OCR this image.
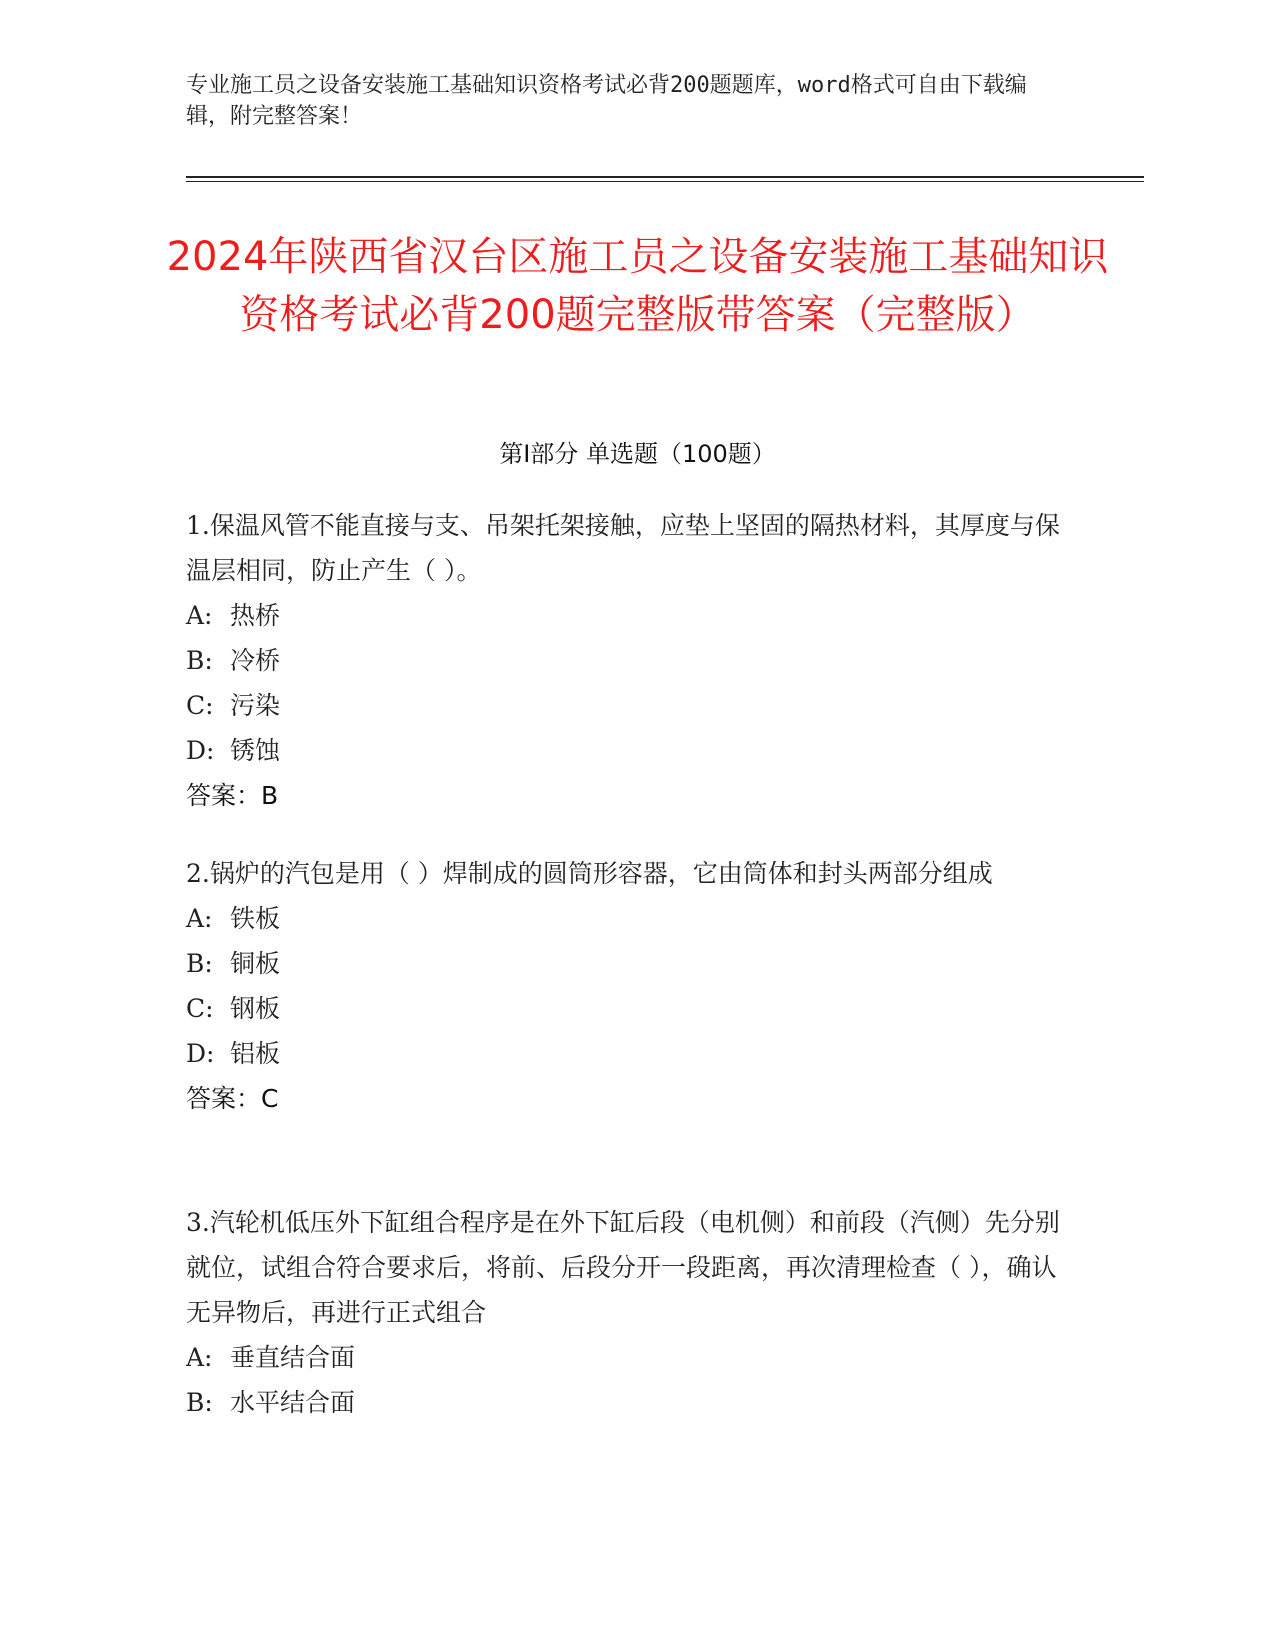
专业施工员之设备安装施工基础知识资格考试必背200题题库，word格式可自由下载编辑，附完整答案！
2024年陕西省汉台区施工员之设备安装施工基础知识资格考试必背200题完整版带答案（完整版）
第I部分 单选题（100题）

1.保温风管不能直接与支、吊架托架接触，应垫上坚固的隔热材料，其厚度与保温层相同，防止产生（ ）。

A: 热桥

B: 冷桥

C: 污染

D: 锈蚀

答案：B

2.锅炉的汽包是用（ ）焊制成的圆筒形容器，它由筒体和封头两部分组成

A: 铁板

B: 铜板

C: 钢板

D: 铝板

答案：C

3.汽轮机低压外下缸组合程序是在外下缸后段（电机侧）和前段（汽侧）先分别就位，试组合符合要求后，将前、后段分开一段距离，再次清理检查（ ），确认无异物后，再进行正式组合

A: 垂直结合面

B: 水平结合面
